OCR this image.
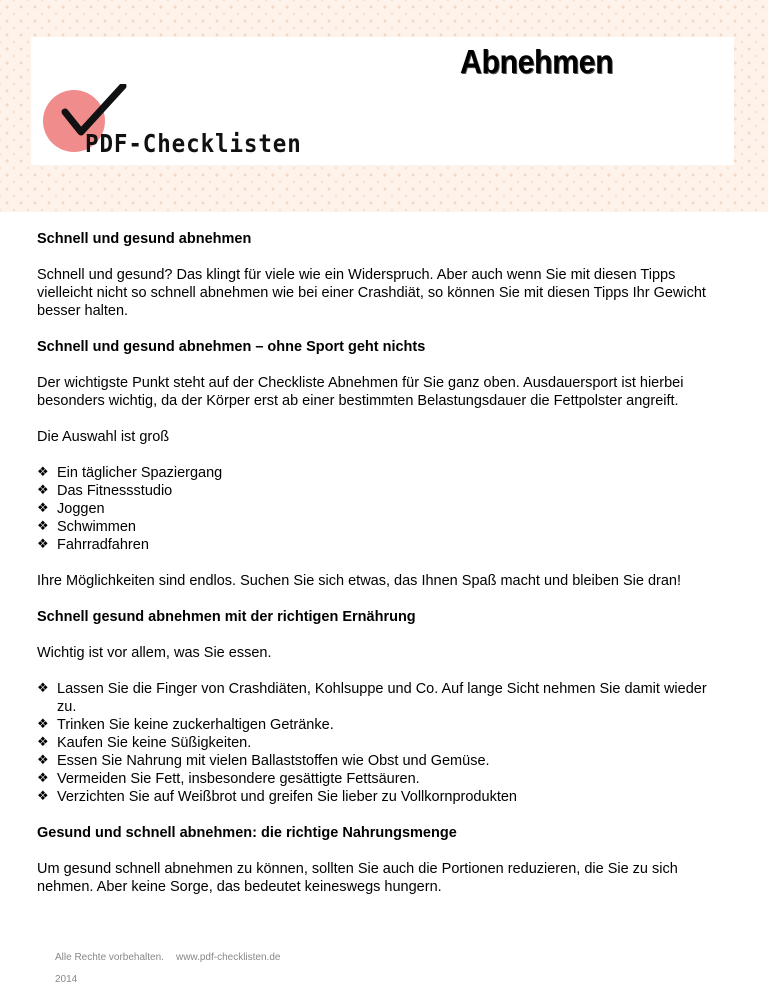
Abnehmen
PDF-Checklisten
Schnell und gesund abnehmen

Schnell und gesund? Das klingt für viele wie ein Widerspruch. Aber auch wenn Sie mit diesen Tipps vielleicht nicht so schnell abnehmen wie bei einer Crashdiät, so können Sie mit diesen Tipps Ihr Gewicht besser halten.

Schnell und gesund abnehmen – ohne Sport geht nichts

Der wichtigste Punkt steht auf der Checkliste Abnehmen für Sie ganz oben. Ausdauersport ist hierbei besonders wichtig, da der Körper erst ab einer bestimmten Belastungsdauer die Fettpolster angreift.

Die Auswahl ist groß

❖ Ein täglicher Spaziergang
❖ Das Fitnessstudio
❖ Joggen
❖ Schwimmen
❖ Fahrradfahren

Ihre Möglichkeiten sind endlos. Suchen Sie sich etwas, das Ihnen Spaß macht und bleiben Sie dran!

Schnell gesund abnehmen mit der richtigen Ernährung

Wichtig ist vor allem, was Sie essen.

❖ Lassen Sie die Finger von Crashdiäten, Kohlsuppe und Co. Auf lange Sicht nehmen Sie damit wieder zu.
❖ Trinken Sie keine zuckerhaltigen Getränke.
❖ Kaufen Sie keine Süßigkeiten.
❖ Essen Sie Nahrung mit vielen Ballaststoffen wie Obst und Gemüse.
❖ Vermeiden Sie Fett, insbesondere gesättigte Fettsäuren.
❖ Verzichten Sie auf Weißbrot und greifen Sie lieber zu Vollkornprodukten
Gesund und schnell abnehmen: die richtige Nahrungsmenge

Um gesund schnell abnehmen zu können, sollten Sie auch die Portionen reduzieren, die Sie zu sich nehmen. Aber keine Sorge, das bedeutet keineswegs hungern.

Alle Rechte vorbehalten. www.pdf-checklisten.de
2014
